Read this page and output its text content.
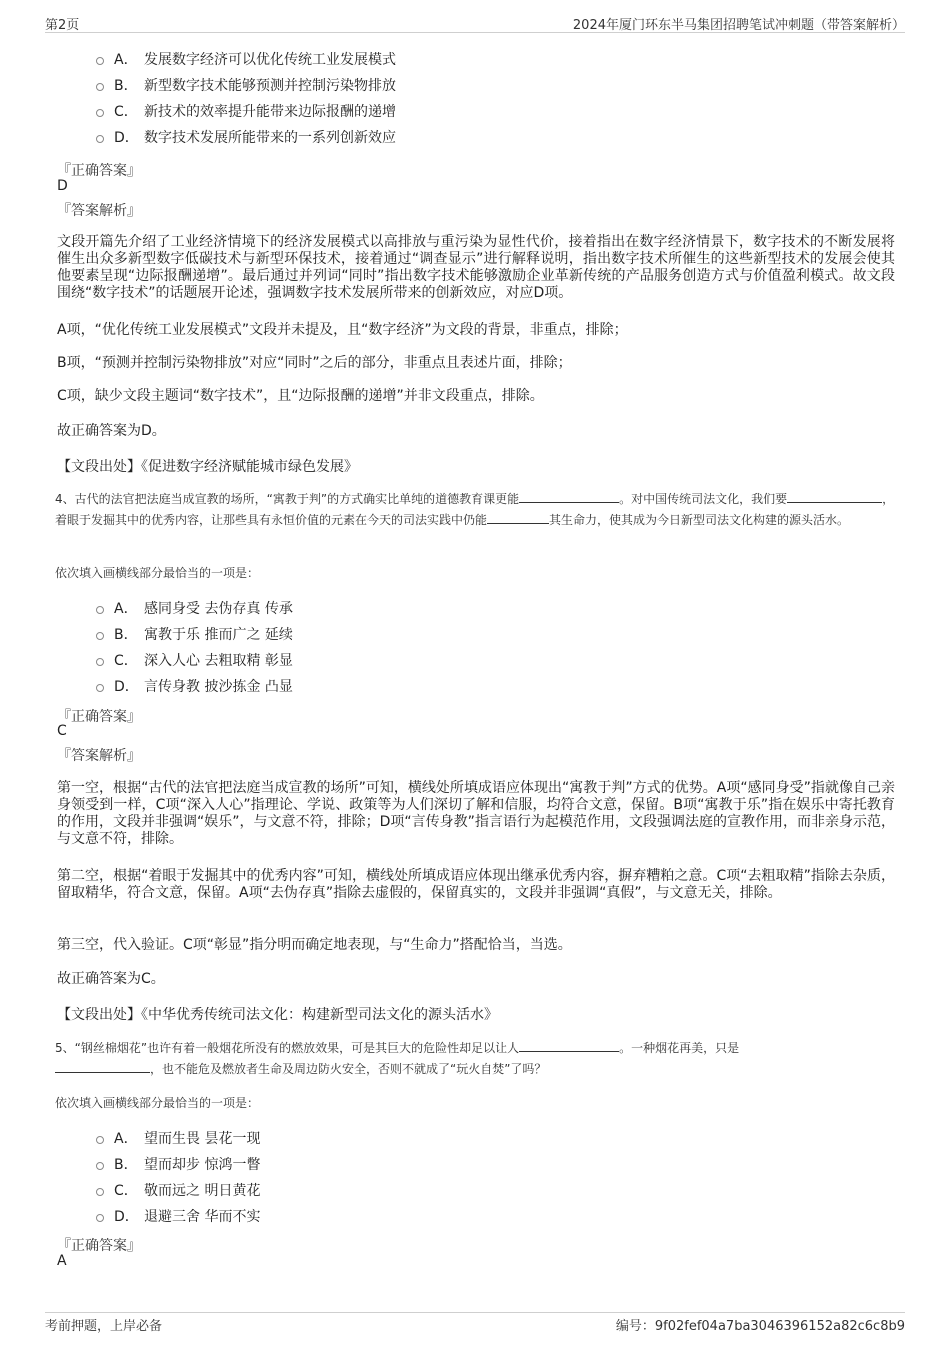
第2页	2024年厦门环东半马集团招聘笔试冲刺题（带答案解析）
A． 发展数字经济可以优化传统工业发展模式
B． 新型数字技术能够预测并控制污染物排放
C． 新技术的效率提升能带来边际报酬的递增
D． 数字技术发展所能带来的一系列创新效应
『正确答案』
D
『答案解析』
文段开篇先介绍了工业经济情境下的经济发展模式以高排放与重污染为显性代价，接着指出在数字经济情景下，数字技术的不断发展将催生出众多新型数字低碳技术与新型环保技术，接着通过“调查显示”进行解释说明，指出数字技术所催生的这些新型技术的发展会使其他要素呈现“边际报酬递增”。最后通过并列词“同时”指出数字技术能够激励企业革新传统的产品服务创造方式与价值盈利模式。故文段围绕“数字技术”的话题展开论述，强调数字技术发展所带来的创新效应，对应D项。
A项，“优化传统工业发展模式”文段并未提及，且“数字经济”为文段的背景，非重点，排除；
B项，“预测并控制污染物排放”对应“同时”之后的部分，非重点且表述片面，排除；
C项，缺少文段主题词“数字技术”，且“边际报酬的递增”并非文段重点，排除。
故正确答案为D。
【文段出处】《促进数字经济赋能城市绿色发展》
4、古代的法官把法庭当成宣教的场所，“寓教于判”的方式确实比单纯的道德教育课更能	。对中国传统司法文化，我们要	，着眼于发掘其中的优秀内容，让那些具有永恒价值的元素在今天的司法实践中仍能	其生命力，使其成为今日新型司法文化构建的源头活水。
依次填入画横线部分最恰当的一项是：
A． 感同身受 去伪存真 传承
B． 寓教于乐 推而广之 延续
C． 深入人心 去粗取精 彰显
D． 言传身教 披沙拣金 凸显
『正确答案』
C
『答案解析』
第一空，根据“古代的法官把法庭当成宣教的场所”可知，横线处所填成语应体现出“寓教于判”方式的优势。A项“感同身受”指就像自己亲身领受到一样，C项“深入人心”指理论、学说、政策等为人们深切了解和信服，均符合文意，保留。B项“寓教于乐”指在娱乐中寄托教育的作用，文段并非强调“娱乐”，与文意不符，排除；D项“言传身教”指言语行为起模范作用，文段强调法庭的宣教作用，而非亲身示范，与文意不符，排除。
第二空，根据“着眼于发掘其中的优秀内容”可知，横线处所填成语应体现出继承优秀内容，摒弃糟粕之意。C项“去粗取精”指除去杂质，留取精华，符合文意，保留。A项“去伪存真”指除去虚假的，保留真实的，文段并非强调“真假”，与文意无关，排除。
第三空，代入验证。C项“彰显”指分明而确定地表现，与“生命力”搭配恰当，当选。
故正确答案为C。
【文段出处】《中华优秀传统司法文化：构建新型司法文化的源头活水》
5、“钢丝棉烟花”也许有着一般烟花所没有的燃放效果，可是其巨大的危险性却足以让人	。一种烟花再美，只是
，也不能危及燃放者生命及周边防火安全，否则不就成了“玩火自焚”了吗？
依次填入画横线部分最恰当的一项是：
A． 望而生畏 昙花一现
B． 望而却步 惊鸿一瞥
C． 敬而远之 明日黄花
D． 退避三舍 华而不实
『正确答案』
A
考前押题，上岸必备	编号：9f02fef04a7ba3046396152a82c6c8b9
